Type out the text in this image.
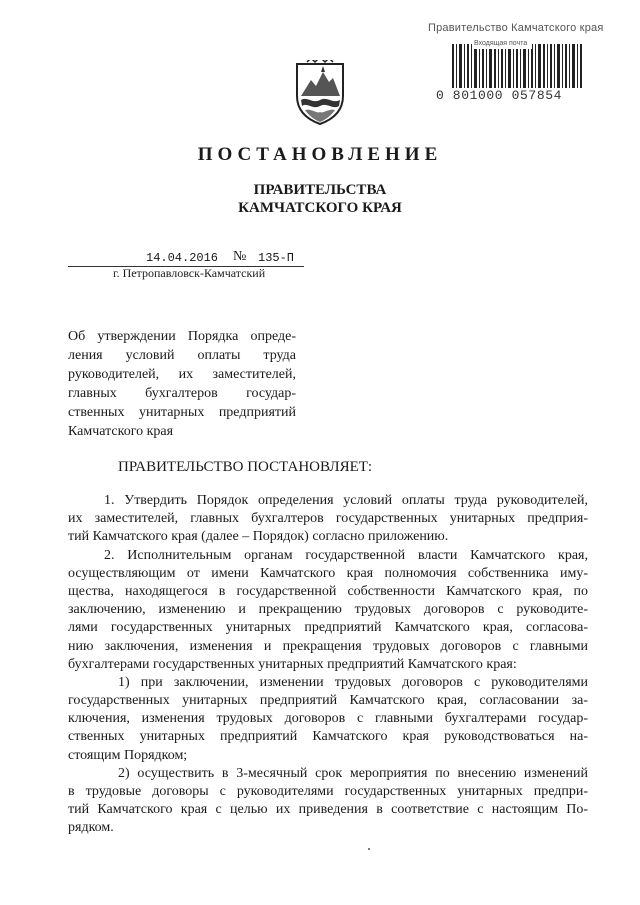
Правительство Камчатского края
Входящая почта
0 801000 057854
ПОСТАНОВЛЕНИЕ
ПРАВИТЕЛЬСТВА
КАМЧАТСКОГО КРАЯ
14.04.2016 № 135-П
г. Петропавловск-Камчатский
Об утверждении Порядка опреде-
ления условий оплаты труда
руководителей, их заместителей,
главных бухгалтеров государ-
ственных унитарных предприятий
Камчатского края
ПРАВИТЕЛЬСТВО ПОСТАНОВЛЯЕТ:
1. Утвердить Порядок определения условий оплаты труда руководителей,
их заместителей, главных бухгалтеров государственных унитарных предприя-
тий Камчатского края (далее – Порядок) согласно приложению.
2. Исполнительным органам государственной власти Камчатского края,
осуществляющим от имени Камчатского края полномочия собственника иму-
щества, находящегося в государственной собственности Камчатского края, по
заключению, изменению и прекращению трудовых договоров с руководите-
лями государственных унитарных предприятий Камчатского края, согласова-
нию заключения, изменения и прекращения трудовых договоров с главными
бухгалтерами государственных унитарных предприятий Камчатского края:
1) при заключении, изменении трудовых договоров с руководителями
государственных унитарных предприятий Камчатского края, согласовании за-
ключения, изменения трудовых договоров с главными бухгалтерами государ-
ственных унитарных предприятий Камчатского края руководствоваться на-
стоящим Порядком;
2) осуществить в 3-месячный срок мероприятия по внесению изменений
в трудовые договоры с руководителями государственных унитарных предпри-
тий Камчатского края с целью их приведения в соответствие с настоящим По-
рядком.
